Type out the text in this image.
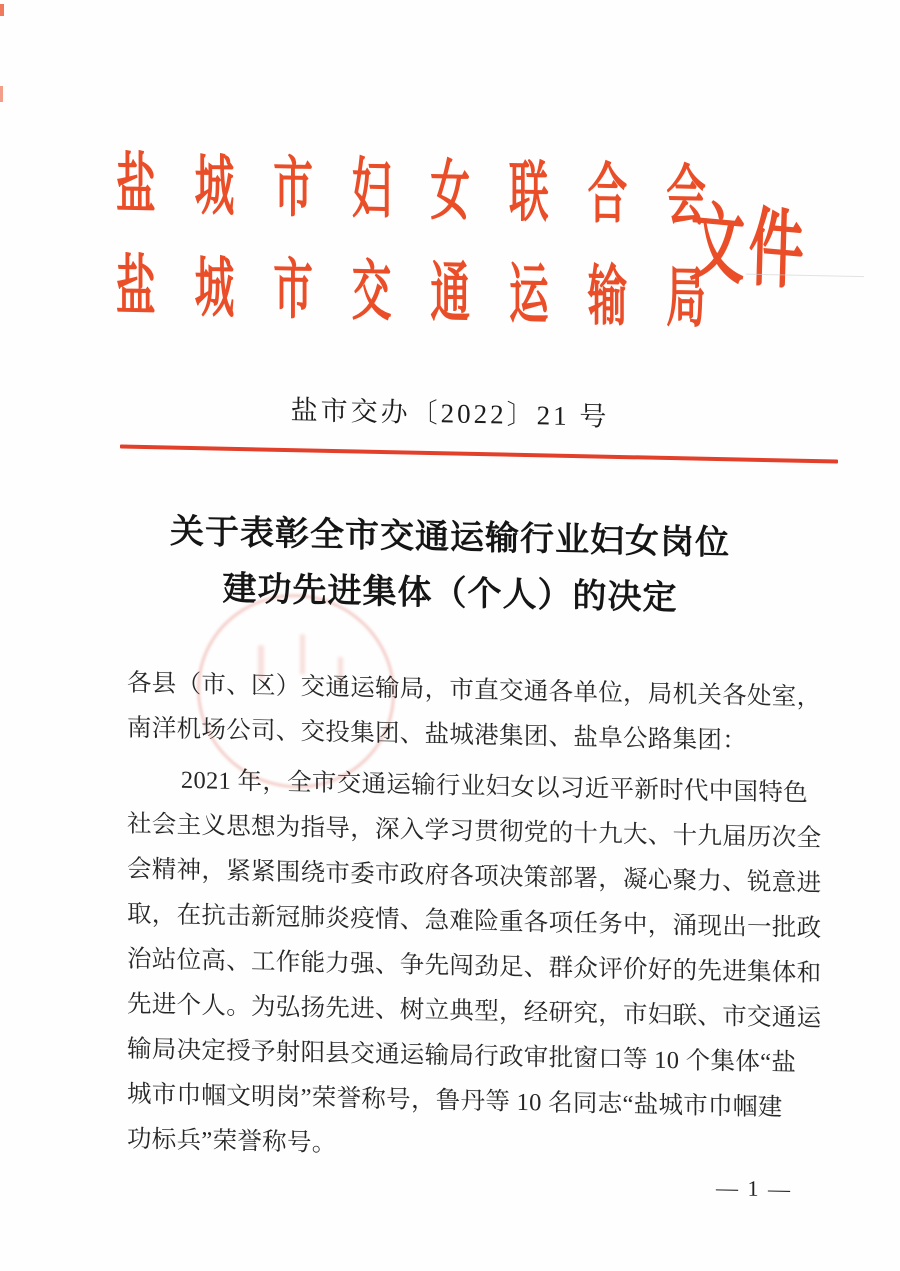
盐城市妇女联合会
盐城市交通运输局
文件
盐市交办〔2022〕21 号
关于表彰全市交通运输行业妇女岗位
建功先进集体（个人）的决定
各县（市、区）交通运输局，市直交通各单位，局机关各处室，
南洋机场公司、交投集团、盐城港集团、盐阜公路集团：
2021 年，全市交通运输行业妇女以习近平新时代中国特色
社会主义思想为指导，深入学习贯彻党的十九大、十九届历次全
会精神，紧紧围绕市委市政府各项决策部署，凝心聚力、锐意进
取，在抗击新冠肺炎疫情、急难险重各项任务中，涌现出一批政
治站位高、工作能力强、争先闯劲足、群众评价好的先进集体和
先进个人。为弘扬先进、树立典型，经研究，市妇联、市交通运
输局决定授予射阳县交通运输局行政审批窗口等 10 个集体“盐
城市巾帼文明岗”荣誉称号，鲁丹等 10 名同志“盐城市巾帼建
功标兵”荣誉称号。
— 1 —
